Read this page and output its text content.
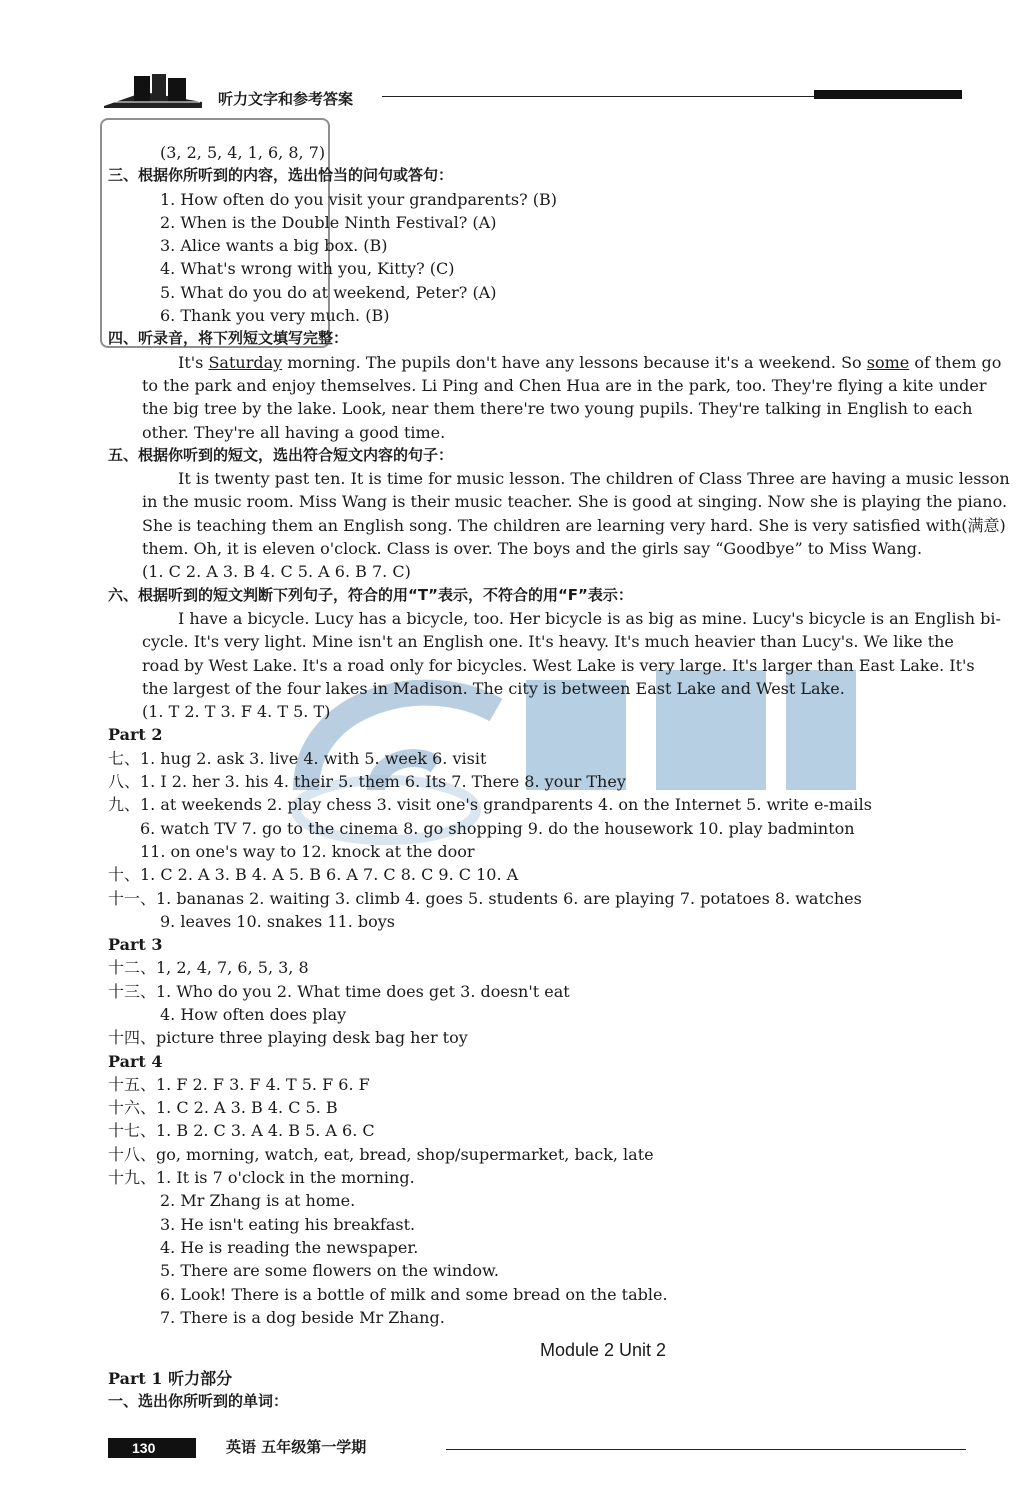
听力文字和参考答案
(3, 2, 5, 4, 1, 6, 8, 7)
三、根据你所听到的内容，选出恰当的问句或答句：
1. How often do you visit your grandparents? (B)
2. When is the Double Ninth Festival? (A)
3. Alice wants a big box. (B)
4. What's wrong with you, Kitty? (C)
5. What do you do at weekend, Peter? (A)
6. Thank you very much. (B)
四、听录音，将下列短文填写完整：
It's Saturday morning. The pupils don't have any lessons because it's a weekend. So some of them go
to the park and enjoy themselves. Li Ping and Chen Hua are in the park, too. They're flying a kite under
the big tree by the lake. Look, near them there're two young pupils. They're talking in English to each
other. They're all having a good time.
五、根据你听到的短文，选出符合短文内容的句子：
It is twenty past ten. It is time for music lesson. The children of Class Three are having a music lesson
in the music room. Miss Wang is their music teacher. She is good at singing. Now she is playing the piano.
She is teaching them an English song. The children are learning very hard. She is very satisfied with(满意)
them. Oh, it is eleven o'clock. Class is over. The boys and the girls say “Goodbye” to Miss Wang.
(1. C 2. A 3. B 4. C 5. A 6. B 7. C)
六、根据听到的短文判断下列句子，符合的用“T”表示，不符合的用“F”表示：
I have a bicycle. Lucy has a bicycle, too. Her bicycle is as big as mine. Lucy's bicycle is an English bi-
cycle. It's very light. Mine isn't an English one. It's heavy. It's much heavier than Lucy's. We like the
road by West Lake. It's a road only for bicycles. West Lake is very large. It's larger than East Lake. It's
the largest of the four lakes in Madison. The city is between East Lake and West Lake.
(1. T 2. T 3. F 4. T 5. T)
Part 2
七、1. hug 2. ask 3. live 4. with 5. week 6. visit
八、1. I 2. her 3. his 4. their 5. them 6. Its 7. There 8. your They
九、1. at weekends 2. play chess 3. visit one's grandparents 4. on the Internet 5. write e-mails
6. watch TV 7. go to the cinema 8. go shopping 9. do the housework 10. play badminton
11. on one's way to 12. knock at the door
十、1. C 2. A 3. B 4. A 5. B 6. A 7. C 8. C 9. C 10. A
十一、1. bananas 2. waiting 3. climb 4. goes 5. students 6. are playing 7. potatoes 8. watches
9. leaves 10. snakes 11. boys
Part 3
十二、1, 2, 4, 7, 6, 5, 3, 8
十三、1. Who do you 2. What time does get 3. doesn't eat
4. How often does play
十四、picture three playing desk bag her toy
Part 4
十五、1. F 2. F 3. F 4. T 5. F 6. F
十六、1. C 2. A 3. B 4. C 5. B
十七、1. B 2. C 3. A 4. B 5. A 6. C
十八、go, morning, watch, eat, bread, shop/supermarket, back, late
十九、1. It is 7 o'clock in the morning.
2. Mr Zhang is at home.
3. He isn't eating his breakfast.
4. He is reading the newspaper.
5. There are some flowers on the window.
6. Look! There is a bottle of milk and some bread on the table.
7. There is a dog beside Mr Zhang.
Module 2 Unit 2
Part 1 听力部分
一、选出你所听到的单词：
130	英语 五年级第一学期
